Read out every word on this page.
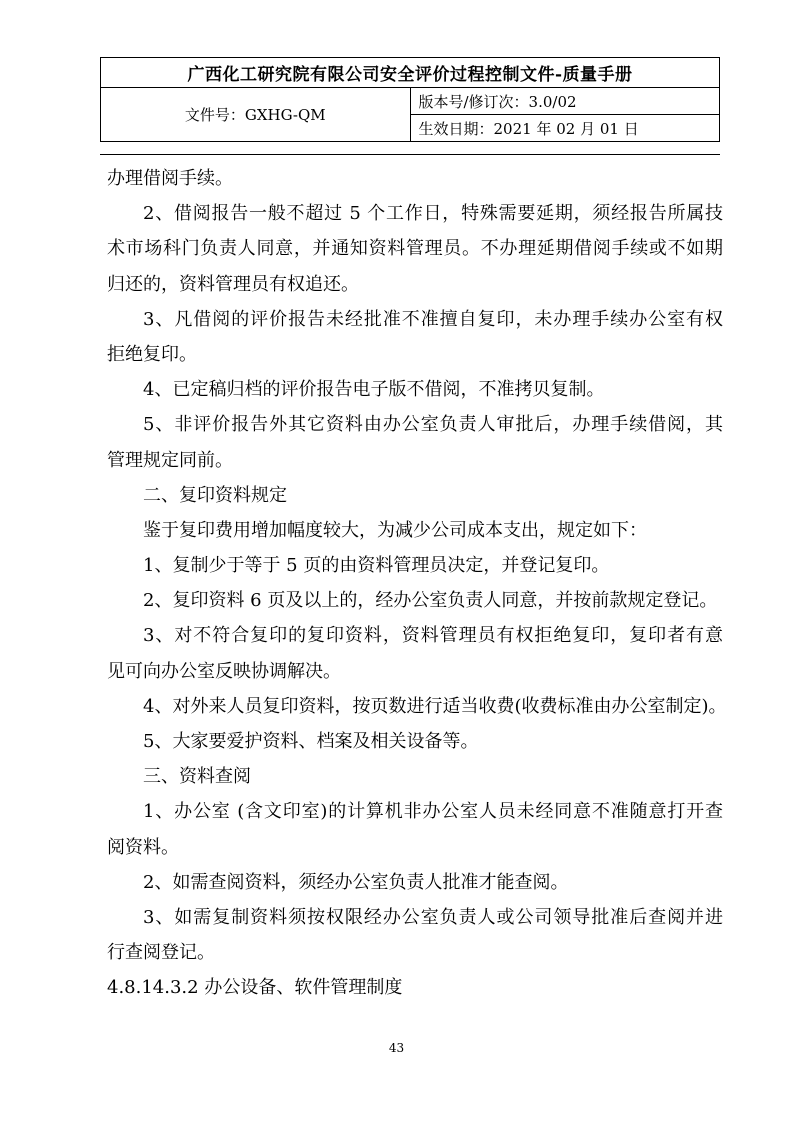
广西化工研究院有限公司安全评价过程控制文件-质量手册
文件号：GXHG-QM	版本号/修订次：3.0/02
生效日期：2021 年 02 月 01 日
办理借阅手续。
2、借阅报告一般不超过 5 个工作日，特殊需要延期，须经报告所属技
术市场科门负责人同意，并通知资料管理员。不办理延期借阅手续或不如期
归还的，资料管理员有权追还。
3、凡借阅的评价报告未经批准不准擅自复印，未办理手续办公室有权
拒绝复印。
4、已定稿归档的评价报告电子版不借阅，不准拷贝复制。
5、非评价报告外其它资料由办公室负责人审批后，办理手续借阅，其
管理规定同前。
二、复印资料规定
鉴于复印费用增加幅度较大，为减少公司成本支出，规定如下：
1、复制少于等于 5 页的由资料管理员决定，并登记复印。
2、复印资料 6 页及以上的，经办公室负责人同意，并按前款规定登记。
3、对不符合复印的复印资料，资料管理员有权拒绝复印，复印者有意
见可向办公室反映协调解决。
4、对外来人员复印资料，按页数进行适当收费(收费标准由办公室制定)。
5、大家要爱护资料、档案及相关设备等。
三、资料查阅
1、办公室 (含文印室)的计算机非办公室人员未经同意不准随意打开查
阅资料。
2、如需查阅资料，须经办公室负责人批准才能查阅。
3、如需复制资料须按权限经办公室负责人或公司领导批准后查阅并进
行查阅登记。
4.8.14.3.2 办公设备、软件管理制度
43
